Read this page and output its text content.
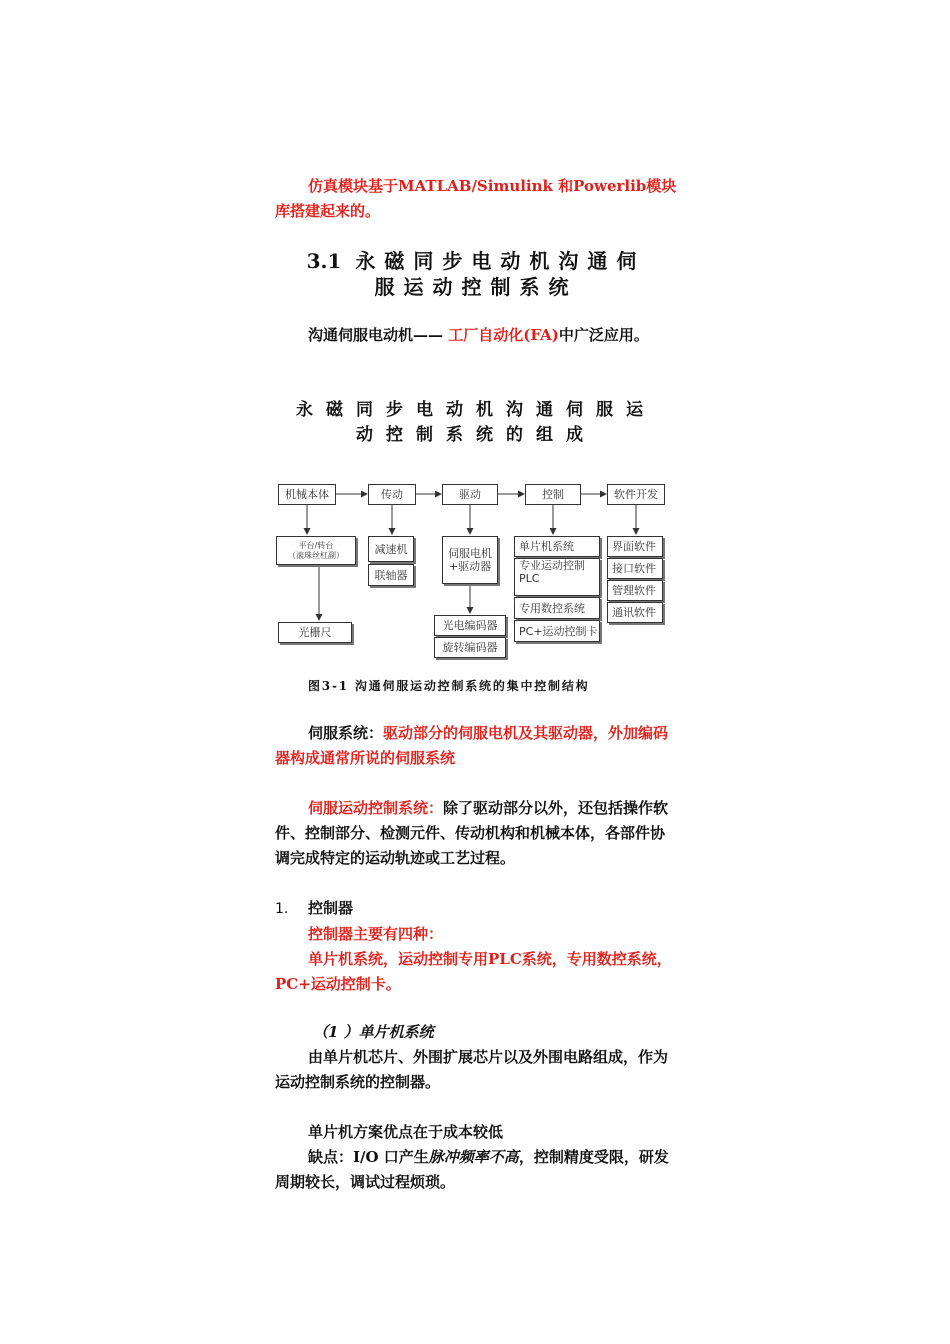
仿真模块基于MATLAB/Simulink 和Powerlib模块库搭建起来的。

3.1 永磁同步电动机沟通伺
服运动控制系统

沟通伺服电动机—— 工厂自动化(FA)中广泛应用。

永磁同步电动机沟通伺服运
动控制系统的组成
机械本体	传动	驱动	控制	软件开发
平台/转台
（滚珠丝杠副）
光栅尺
减速机
联轴器
伺服电机
+驱动器
光电编码器
旋转编码器
单片机系统
专业运动控制
PLC
专用数控系统
PC+运动控制卡
界面软件
接口软件
管理软件
通讯软件
图3-1 沟通伺服运动控制系统的集中控制结构

伺服系统：驱动部分的伺服电机及其驱动器，外加编码器构成通常所说的伺服系统

伺服运动控制系统：除了驱动部分以外，还包括操作软件、控制部分、检测元件、传动机构和机械本体，各部件协调完成特定的运动轨迹或工艺过程。

1. 控制器

控制器主要有四种：

单片机系统，运动控制专用PLC系统，专用数控系统，PC+运动控制卡。

（1 ）单片机系统

由单片机芯片、外围扩展芯片以及外围电路组成，作为运动控制系统的控制器。

单片机方案优点在于成本较低

缺点：I/O 口产生脉冲频率不高，控制精度受限，研发周期较长，调试过程烦琐。
